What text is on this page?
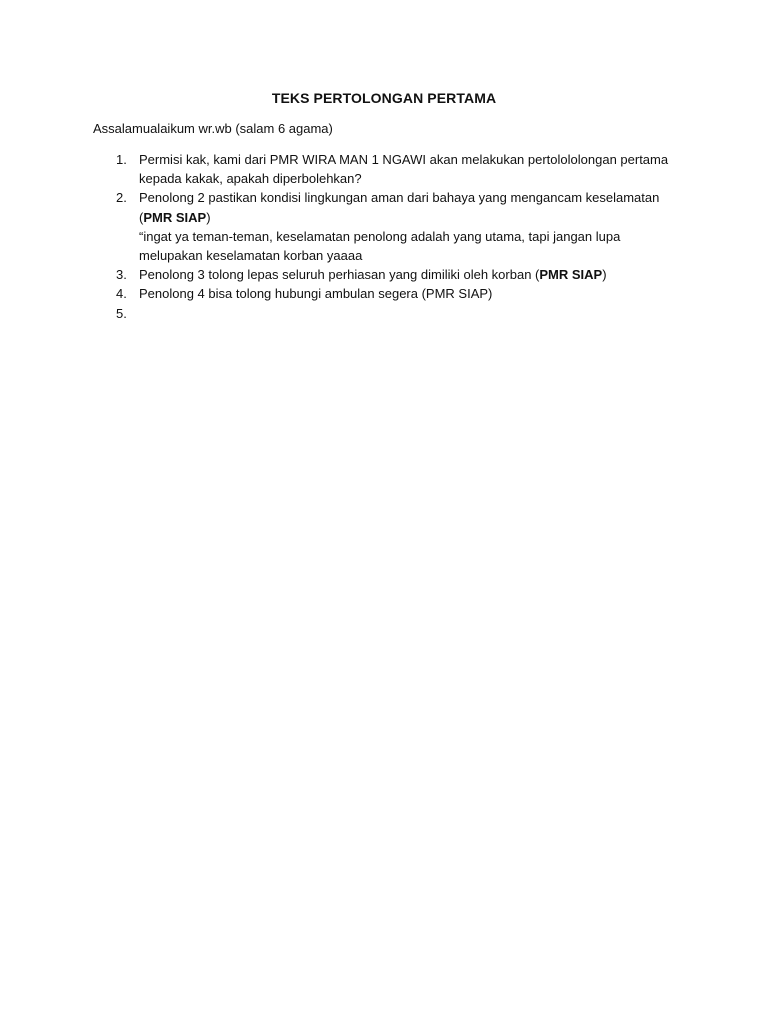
TEKS PERTOLONGAN PERTAMA
Assalamualaikum wr.wb (salam 6 agama)
1. Permisi kak, kami dari PMR WIRA MAN 1 NGAWI akan melakukan pertolololongan pertama kepada kakak, apakah diperbolehkan?
2. Penolong 2 pastikan kondisi lingkungan aman dari bahaya yang mengancam keselamatan (PMR SIAP)
“ingat ya teman-teman, keselamatan penolong adalah yang utama, tapi jangan lupa melupakan keselamatan korban yaaaa
3. Penolong 3 tolong lepas seluruh perhiasan yang dimiliki oleh korban (PMR SIAP)
4. Penolong 4 bisa tolong hubungi ambulan segera (PMR SIAP)
5.
